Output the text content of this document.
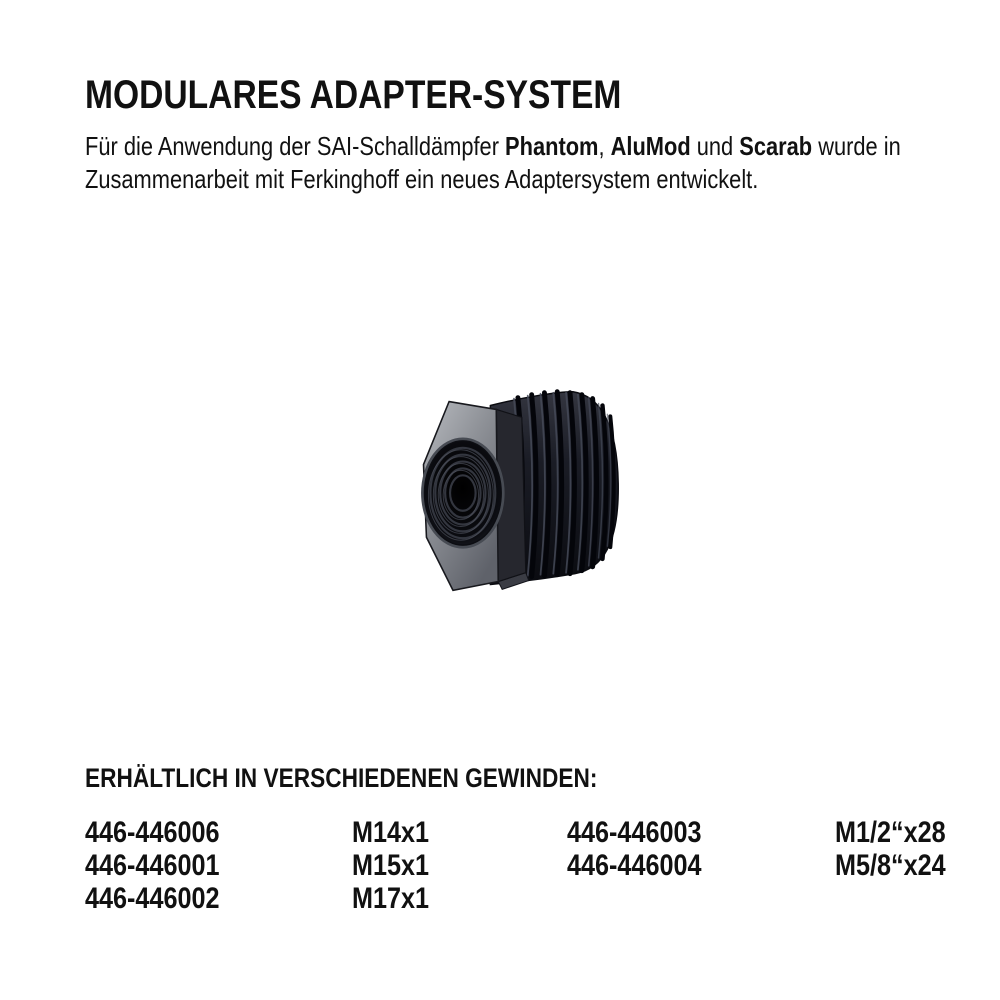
MODULARES ADAPTER-SYSTEM

Für die Anwendung der SAI-Schalldämpfer Phantom, AluMod und Scarab wurde in Zusammenarbeit mit Ferkinghoff ein neues Adaptersystem entwickelt.

ERHÄLTLICH IN VERSCHIEDENEN GEWINDEN:
446-446006	M14x1	446-446003	M1/2“x28
446-446001	M15x1	446-446004	M5/8“x24
446-446002	M17x1
